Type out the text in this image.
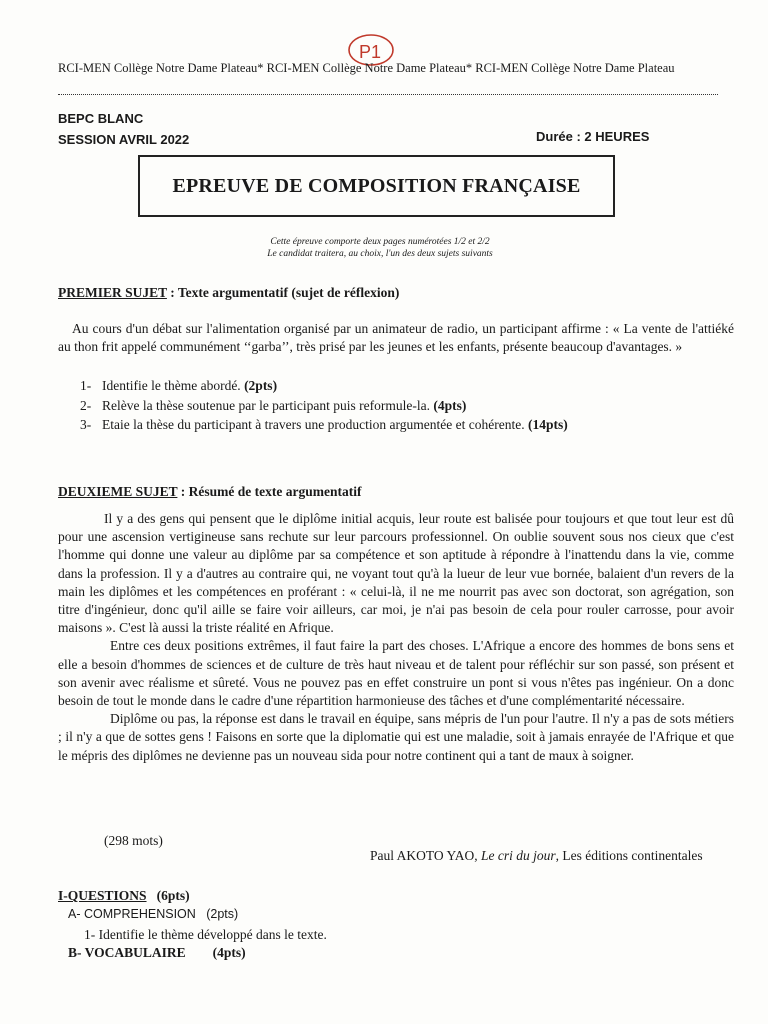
P1
RCI-MEN Collège Notre Dame Plateau* RCI-MEN Collège Notre Dame Plateau* RCI-MEN Collège Notre Dame Plateau
BEPC BLANC
SESSION AVRIL 2022	Durée : 2 HEURES
EPREUVE DE COMPOSITION FRANÇAISE
Cette épreuve comporte deux pages numérotées 1/2 et 2/2
Le candidat traitera, au choix, l'un des deux sujets suivants
PREMIER SUJET : Texte argumentatif (sujet de réflexion)
Au cours d'un débat sur l'alimentation organisé par un animateur de radio, un participant affirme : « La vente de l'attiéké au thon frit appelé communément ‘‘garba’’, très prisé par les jeunes et les enfants, présente beaucoup d'avantages. »
1- Identifie le thème abordé. (2pts)
2- Relève la thèse soutenue par le participant puis reformule-la. (4pts)
3- Etaie la thèse du participant à travers une production argumentée et cohérente. (14pts)
DEUXIEME SUJET : Résumé de texte argumentatif

Il y a des gens qui pensent que le diplôme initial acquis, leur route est balisée pour toujours et que tout leur est dû pour une ascension vertigineuse sans rechute sur leur parcours professionnel. On oublie souvent sous nos cieux que c'est l'homme qui donne une valeur au diplôme par sa compétence et son aptitude à répondre à l'inattendu dans la vie, comme dans la profession. Il y a d'autres au contraire qui, ne voyant tout qu'à la lueur de leur vue bornée, balaient d'un revers de la main les diplômes et les compétences en proférant : « celui-là, il ne me nourrit pas avec son doctorat, son agrégation, son titre d'ingénieur, donc qu'il aille se faire voir ailleurs, car moi, je n'ai pas besoin de cela pour rouler carrosse, pour avoir maisons ». C'est là aussi la triste réalité en Afrique.

Entre ces deux positions extrêmes, il faut faire la part des choses. L'Afrique a encore des hommes de bons sens et elle a besoin d'hommes de sciences et de culture de très haut niveau et de talent pour réfléchir sur son passé, son présent et son avenir avec réalisme et sûreté. Vous ne pouvez pas en effet construire un pont si vous n'êtes pas ingénieur. On a donc besoin de tout le monde dans le cadre d'une répartition harmonieuse des tâches et d'une complémentarité nécessaire.

Diplôme ou pas, la réponse est dans le travail en équipe, sans mépris de l'un pour l'autre. Il n'y a pas de sots métiers ; il n'y a que de sottes gens ! Faisons en sorte que la diplomatie qui est une maladie, soit à jamais enrayée de l'Afrique et que le mépris des diplômes ne devienne pas un nouveau sida pour notre continent qui a tant de maux à soigner.

(298 mots)
Paul AKOTO YAO, Le cri du jour, Les éditions continentales
I-QUESTIONS (6pts)
A- COMPREHENSION (2pts)
1- Identifie le thème développé dans le texte.
B- VOCABULAIRE (4pts)
